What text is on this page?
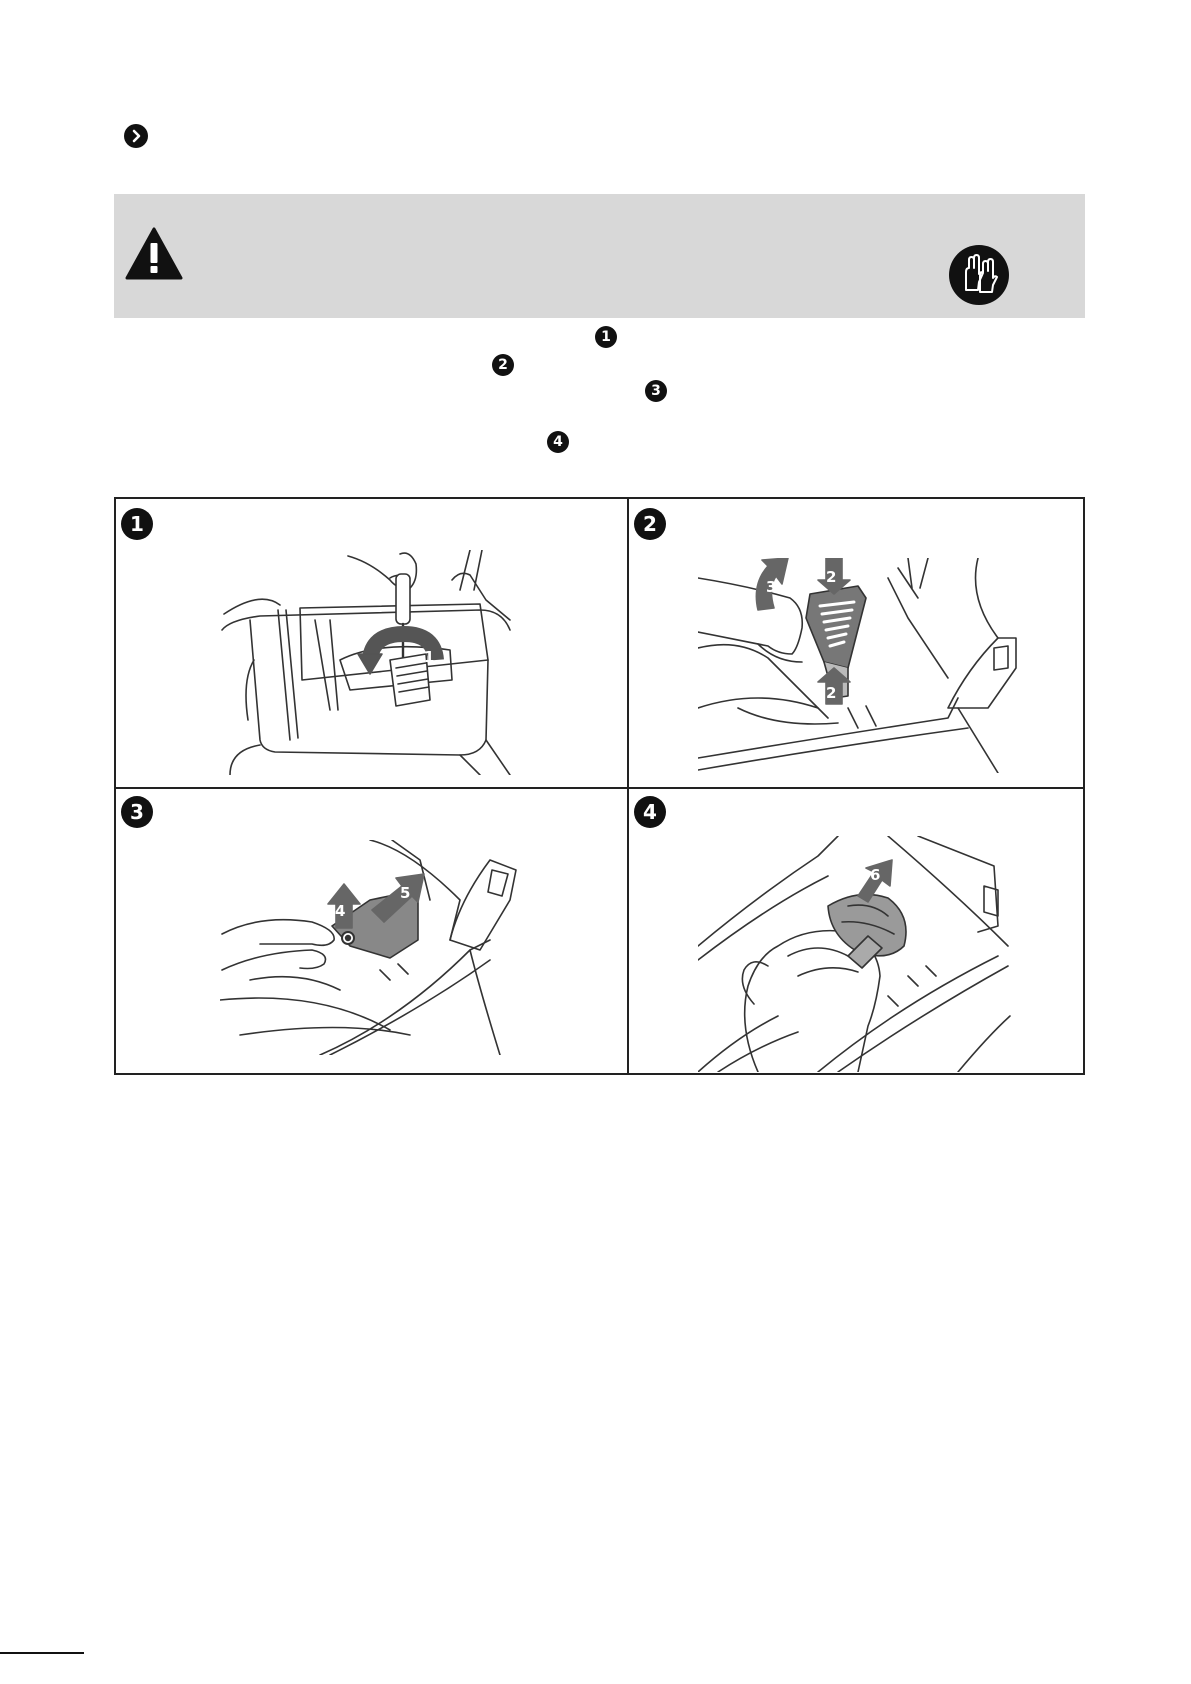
1
2
3
4
1
1
2
3
2
2
3
4
5
4
6
